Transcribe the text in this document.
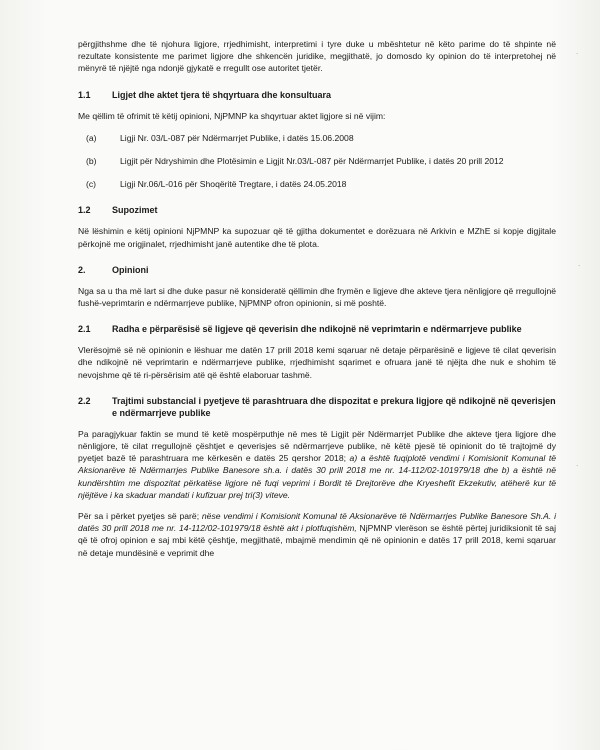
·
·
·

përgjithshme dhe të njohura ligjore, rrjedhimisht, interpretimi i tyre duke u mbështetur në këto parime do të shpinte në rezultate konsistente me parimet ligjore dhe shkencën juridike, megjithatë, jo domosdo ky opinion do të interpretohej në mënyrë të njëjtë nga ndonjë gjykatë e rregullt ose autoritet tjetër.

1.1	Ligjet dhe aktet tjera të shqyrtuara dhe konsultuara

Me qëllim të ofrimit të këtij opinioni, NjPMNP ka shqyrtuar aktet ligjore si në vijim:

(a)	Ligji Nr. 03/L-087 për Ndërmarrjet Publike, i datës 15.06.2008
(b)	Ligjit për Ndryshimin dhe Plotësimin e Ligjit Nr.03/L-087 për Ndërmarrjet Publike, i datës 20 prill 2012
(c)	Ligji Nr.06/L-016 për Shoqëritë Tregtare, i datës 24.05.2018
1.2	Supozimet

Në lëshimin e këtij opinioni NjPMNP ka supozuar që të gjitha dokumentet e dorëzuara në Arkivin e MZhE si kopje digjitale përkojnë me origjinalet, rrjedhimisht janë autentike dhe të plota.

2.	Opinioni

Nga sa u tha më lart si dhe duke pasur në konsideratë qëllimin dhe frymën e ligjeve dhe akteve tjera nënligjore që rregullojnë fushë-veprimtarin e ndërmarrjeve publike, NjPMNP ofron opinionin, si më poshtë.

2.1	Radha e përparësisë së ligjeve që qeverisin dhe ndikojnë në veprimtarin e ndërmarrjeve publike

Vlerësojmë së në opinionin e lëshuar me datën 17 prill 2018 kemi sqaruar në detaje përparësinë e ligjeve të cilat qeverisin dhe ndikojnë në veprimtarin e ndërmarrjeve publike, rrjedhimisht sqarimet e ofruara janë të njëjta dhe nuk e shohim të nevojshme që të ri-përsërisim atë që është elaboruar tashmë.

2.2	Trajtimi substancial i pyetjeve të parashtruara dhe dispozitat e prekura ligjore që ndikojnë në qeverisjen e ndërmarrjeve publike

Pa paragjykuar faktin se mund të ketë mospërputhje në mes të Ligjit për Ndërmarrjet Publike dhe akteve tjera ligjore dhe nënligjore, të cilat rregullojnë çështjet e qeverisjes së ndërmarrjeve publike, në këtë pjesë të opinionit do të trajtojmë dy pyetjet bazë të parashtruara me kërkesën e datës 25 qershor 2018; a) a është fuqiplotë vendimi i Komisionit Komunal të Aksionarëve të Ndërmarrjes Publike Banesore sh.a. i datës 30 prill 2018 me nr. 14-112/02-101979/18 dhe b) a është në kundërshtim me dispozitat përkatëse ligjore në fuqi veprimi i Bordit të Drejtorëve dhe Kryeshefit Ekzekutiv, atëherë kur të njëjtëve i ka skaduar mandati i kufizuar prej tri(3) viteve.

Për sa i përket pyetjes së parë; nëse vendimi i Komisionit Komunal të Aksionarëve të Ndërmarrjes Publike Banesore Sh.A. i datës 30 prill 2018 me nr. 14-112/02-101979/18 është akt i plotfuqishëm, NjPMNP vlerëson se është përtej juridiksionit të saj që të ofroj opinion e saj mbi këtë çështje, megjithatë, mbajmë mendimin që në opinionin e datës 17 prill 2018, kemi sqaruar në detaje mundësinë e veprimit dhe
